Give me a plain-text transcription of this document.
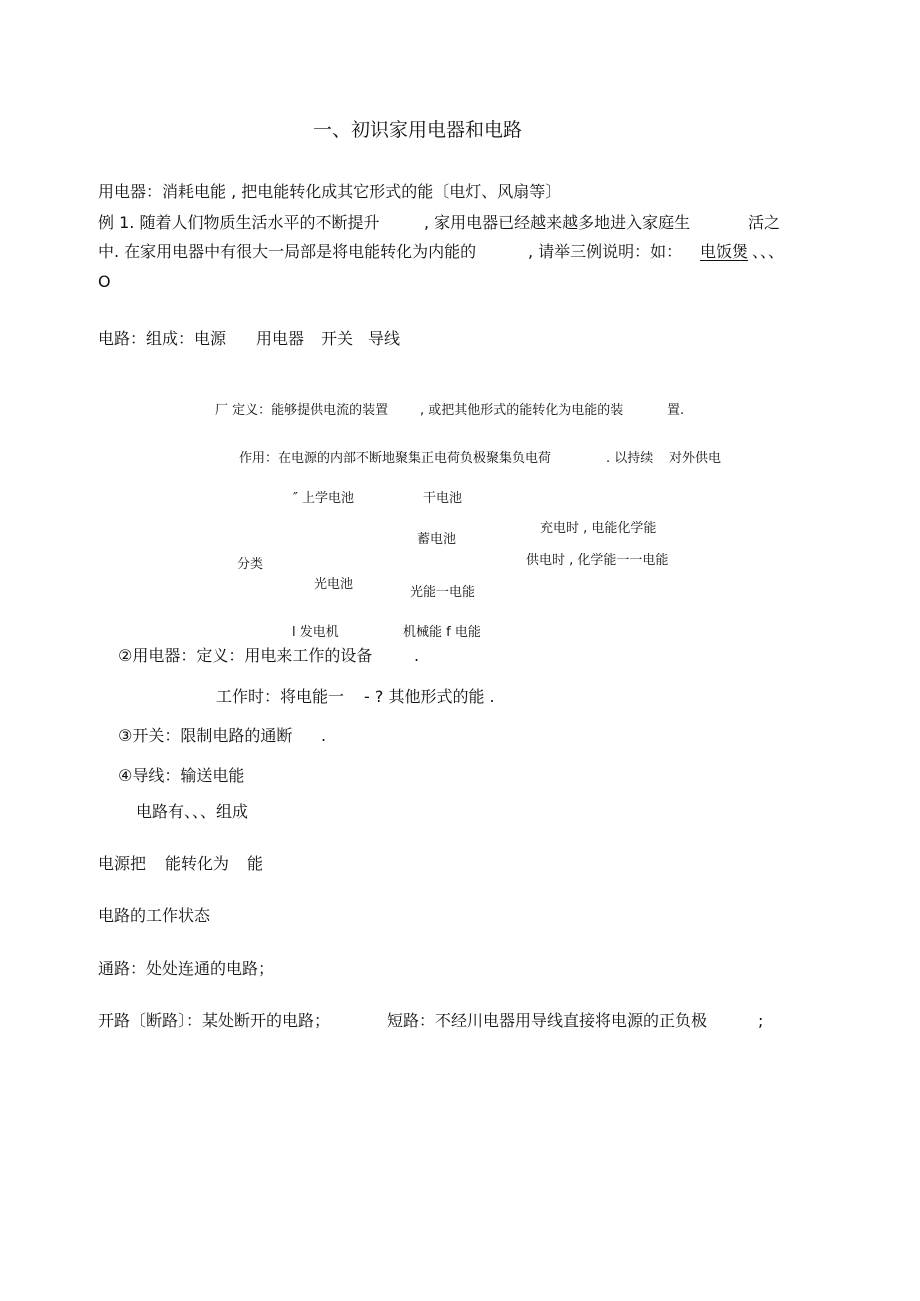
一、初识家用电器和电路
用电器：消耗电能 , 把电能转化成其它形式的能〔电灯、风扇等〕
例 1. 随着人们物质生活水平的不断提升	, 家用电器已经越来越多地进入家庭生	活之
中. 在家用电器中有很大一局部是将电能转化为内能的	, 请举三例说明：如： 电饭煲 、、、
O
电路：组成：电源 用电器 开关 导线
厂 定义：能够提供电流的装置 , 或把其他形式的能转化为电能的装	置.
作用：在电源的内部不断地聚集正电荷负极聚集负电荷	. 以持续 对外供电
″ 上学电池	干电池
充电时 , 电能化学能
蓄电池
供电时 , 化学能一一电能
分类
光电池
光能一电能
l 发电机	机械能 f 电能
②用电器：定义：用电来工作的设备	.
工作时：将电能一 - ? 其他形式的能 .
③开关：限制电路的通断 .
④导线：输送电能
电路有、、、组成
电源把 能转化为 能
电路的工作状态
通路：处处连通的电路；
开路〔断路〕：某处断开的电路；	短路：不经川电器用导线直接将电源的正负极	;
